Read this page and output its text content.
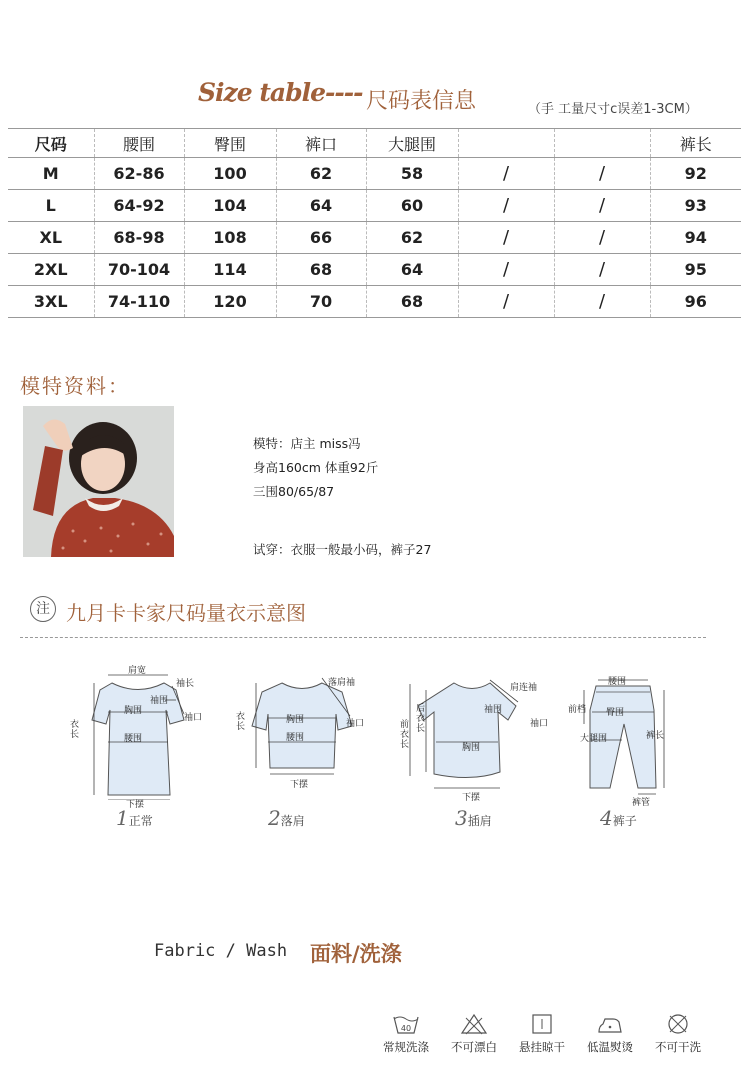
Size table---- 尺码表信息	（手 工量尺寸c误差1-3CM）
尺码	腰围	臀围	裤口	大腿围			裤长
M	62-86	100	62	58	/	/	92
L	64-92	104	64	60	/	/	93
XL	68-98	108	66	62	/	/	94
2XL	70-104	114	68	64	/	/	95
3XL	74-110	120	70	68	/	/	96
模特资料：
模特：店主 miss冯
身高160cm 体重92斤
三围80/65/87
试穿：衣服一般最小码，裤子27
注 九月卡卡家尺码量衣示意图
肩宽
袖长
袖围
胸围
袖口
腰围
衣长
下摆
1正常
落肩袖
胸围	袖口
腰围
衣长
下摆
2落肩
肩连袖
袖围
袖口
胸围
后衣长
前衣长
下摆
3插肩
腰围
臀围
前档
大腿围	裤长
裤管
4裤子
Fabric / Wash 面料/洗涤
40
常规洗涤	不可漂白	悬挂晾干	低温熨烫	不可干洗
